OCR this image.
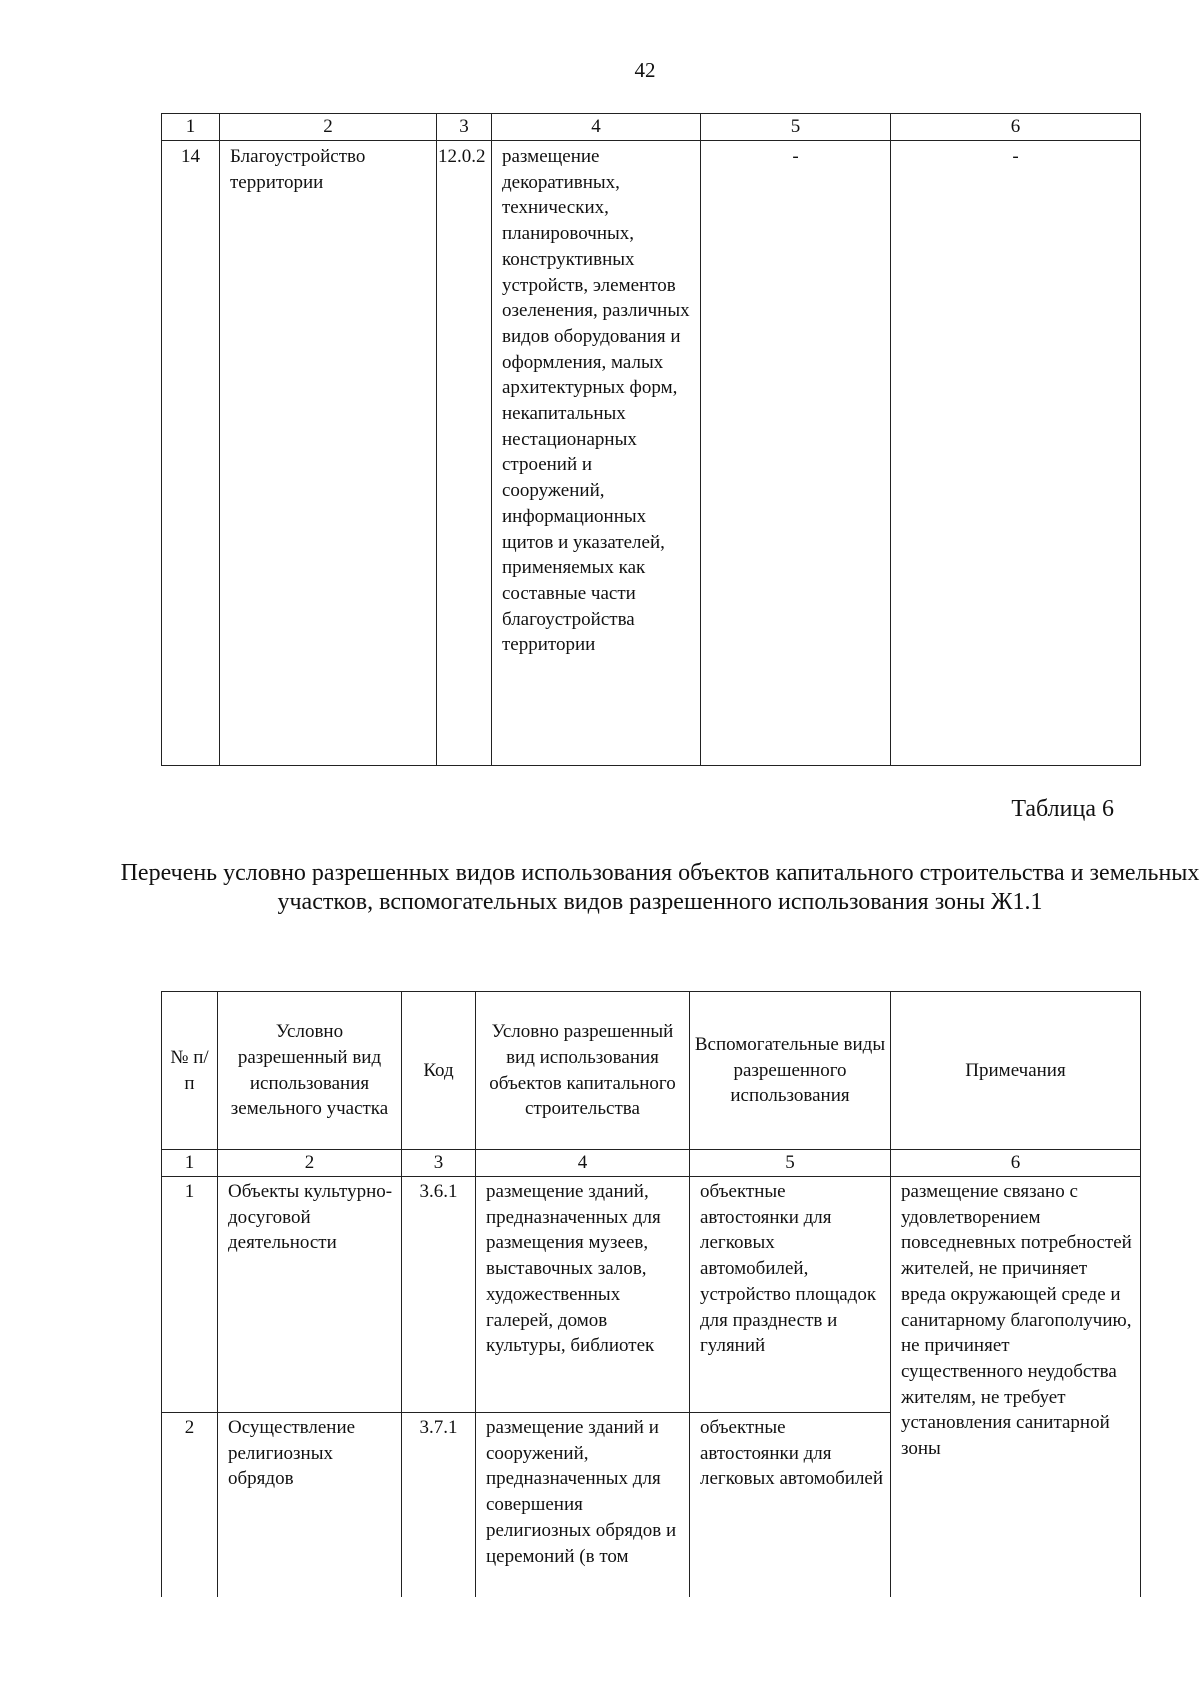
42
1	2	3	4	5	6
14	Благоустройство территории	12.0.2	размещение декоративных, технических, планировочных, конструктивных устройств, элементов озеленения, различных видов оборудования и оформления, малых архитектурных форм, некапитальных нестационарных строений и сооружений, информационных щитов и указателей, применяемых как составные части благоустройства территории	-	-
Таблица 6
Перечень условно разрешенных видов использования объектов капитального строительства и земельных участков, вспомогательных видов разрешенного использования зоны Ж1.1
№ п/п	Условно разрешенный вид использования земельного участка	Код	Условно разрешенный вид использования объектов капитального строительства	Вспомогательные виды разрешенного использования	Примечания
1	2	3	4	5	6
1	Объекты культурно-досуговой деятельности	3.6.1	размещение зданий, предназначенных для размещения музеев, выставочных залов, художественных галерей, домов культуры, библиотек	объектные автостоянки для легковых автомобилей, устройство площадок для празднеств и гуляний	размещение связано с удовлетворением повседневных потребностей жителей, не причиняет вреда окружающей среде и санитарному благополучию, не причиняет существенного неудобства жителям, не требует установления санитарной зоны
2	Осуществление религиозных обрядов	3.7.1	размещение зданий и сооружений, предназначенных для совершения религиозных обрядов и церемоний (в том	объектные автостоянки для легковых автомобилей	
